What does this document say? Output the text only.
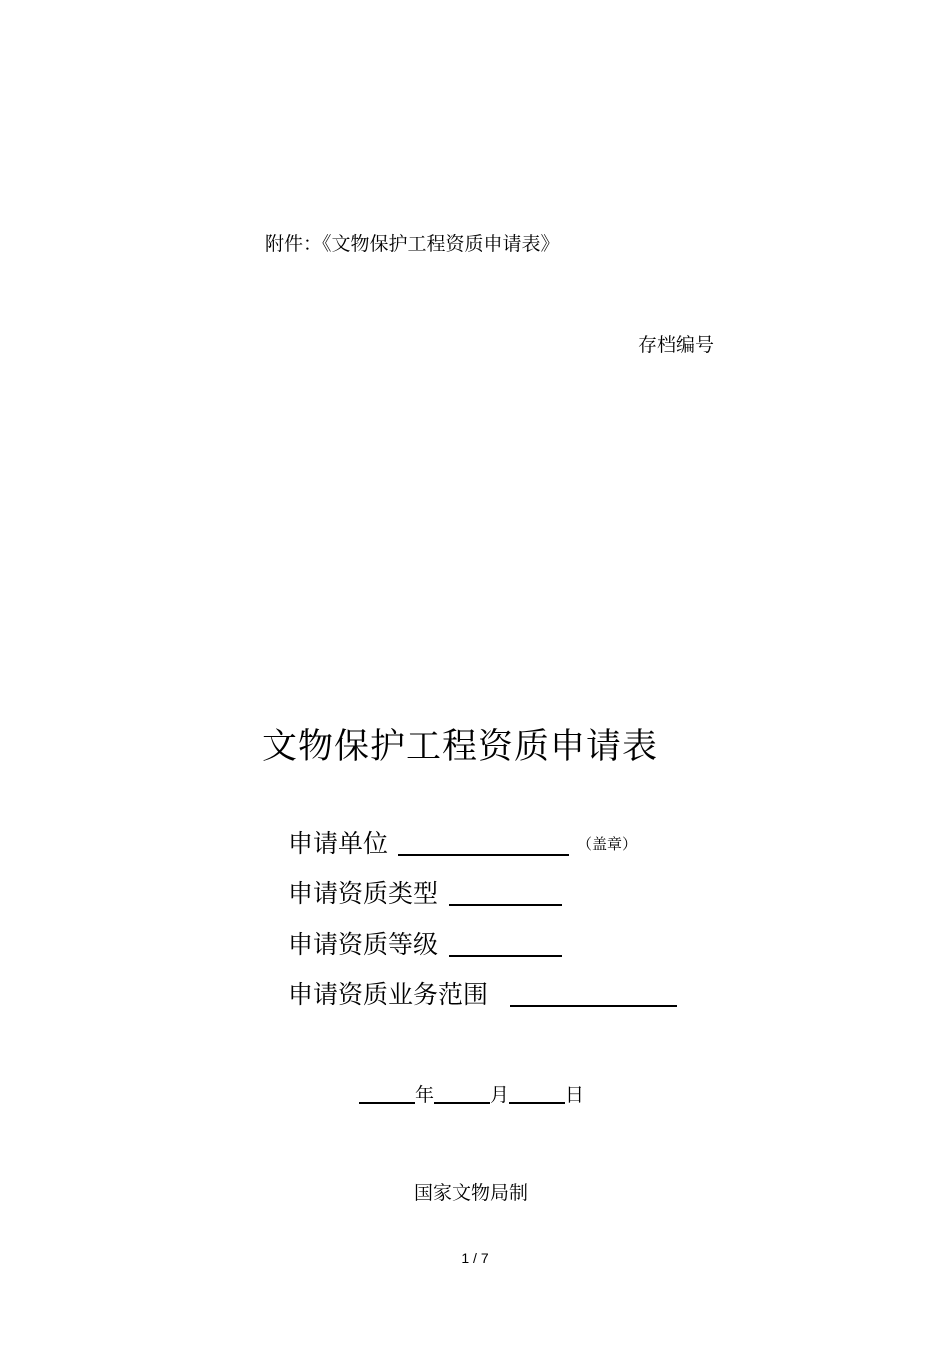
附件：《文物保护工程资质申请表》
存档编号
文物保护工程资质申请表
申请单位	（盖章）
申请资质类型
申请资质等级
申请资质业务范围
年	月	日
国家文物局制
1 / 7
